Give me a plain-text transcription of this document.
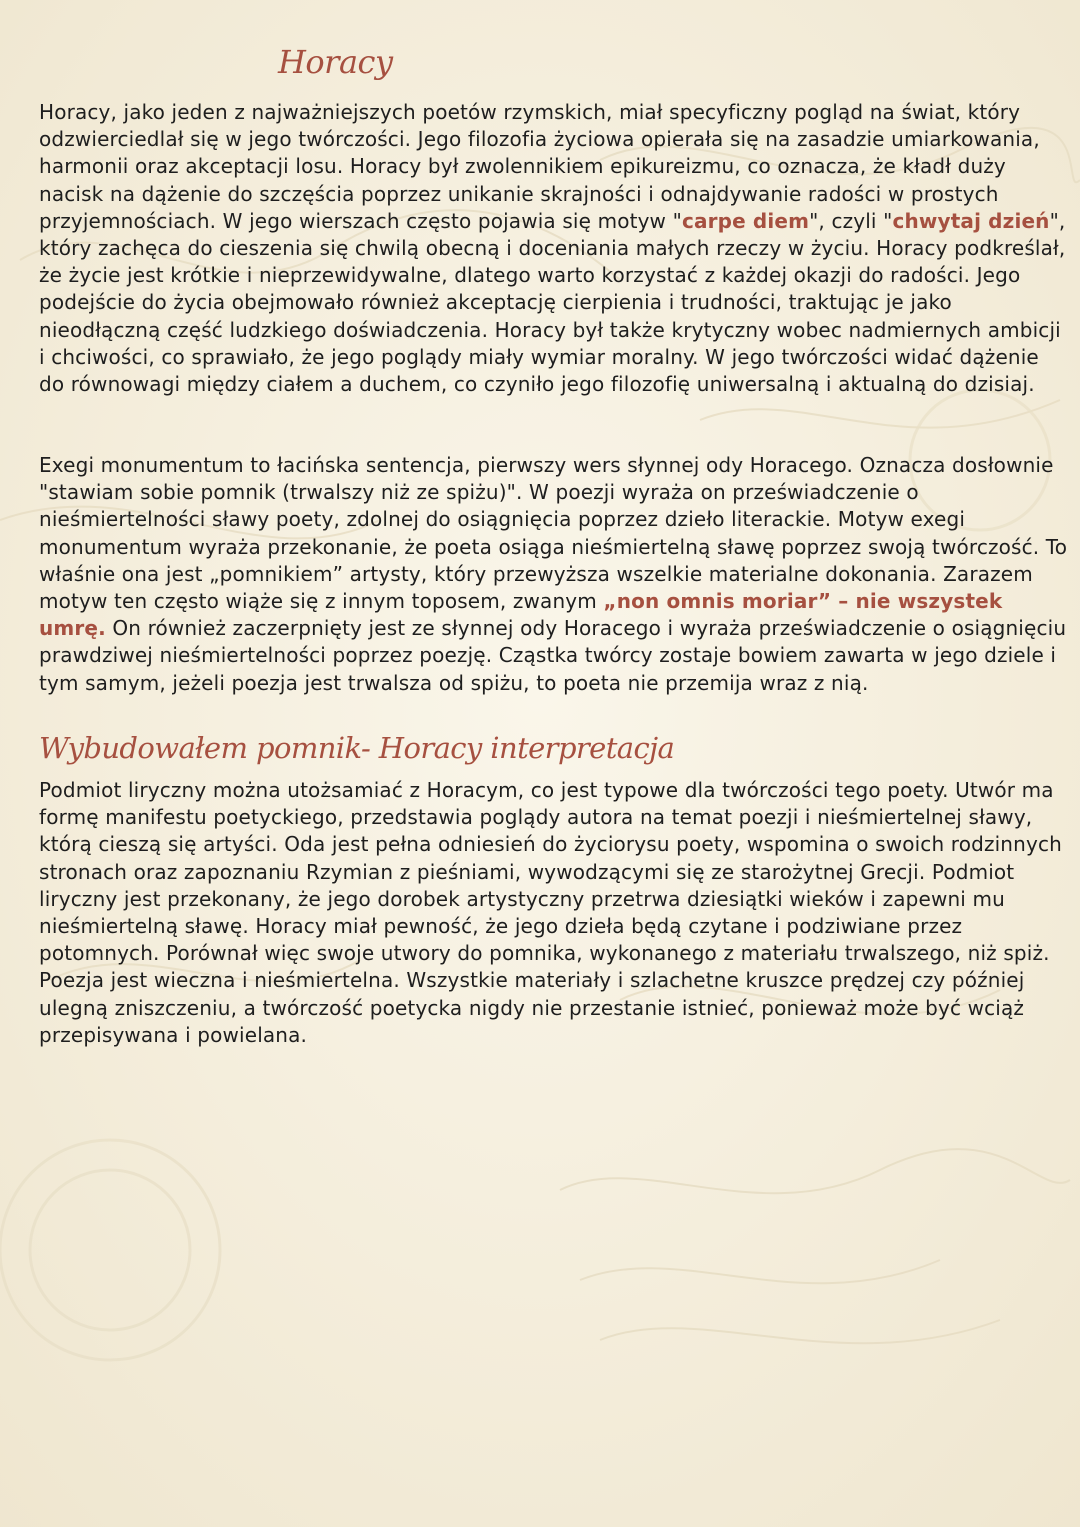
Horacy

Horacy, jako jeden z najważniejszych poetów rzymskich, miał specyficzny pogląd na świat, który odzwierciedlał się w jego twórczości. Jego filozofia życiowa opierała się na zasadzie umiarkowania, harmonii oraz akceptacji losu. Horacy był zwolennikiem epikureizmu, co oznacza, że kładł duży nacisk na dążenie do szczęścia poprzez unikanie skrajności i odnajdywanie radości w prostych przyjemnościach. W jego wierszach często pojawia się motyw "carpe diem", czyli "chwytaj dzień", który zachęca do cieszenia się chwilą obecną i doceniania małych rzeczy w życiu. Horacy podkreślał, że życie jest krótkie i nieprzewidywalne, dlatego warto korzystać z każdej okazji do radości. Jego podejście do życia obejmowało również akceptację cierpienia i trudności, traktując je jako nieodłączną część ludzkiego doświadczenia. Horacy był także krytyczny wobec nadmiernych ambicji i chciwości, co sprawiało, że jego poglądy miały wymiar moralny. W jego twórczości widać dążenie do równowagi między ciałem a duchem, co czyniło jego filozofię uniwersalną i aktualną do dzisiaj.

Exegi monumentum to łacińska sentencja, pierwszy wers słynnej ody Horacego. Oznacza dosłownie "stawiam sobie pomnik (trwalszy niż ze spiżu)". W poezji wyraża on przeświadczenie o nieśmiertelności sławy poety, zdolnej do osiągnięcia poprzez dzieło literackie. Motyw exegi monumentum wyraża przekonanie, że poeta osiąga nieśmiertelną sławę poprzez swoją twórczość. To właśnie ona jest „pomnikiem” artysty, który przewyższa wszelkie materialne dokonania. Zarazem motyw ten często wiąże się z innym toposem, zwanym „non omnis moriar” – nie wszystek umrę. On również zaczerpnięty jest ze słynnej ody Horacego i wyraża przeświadczenie o osiągnięciu prawdziwej nieśmiertelności poprzez poezję. Cząstka twórcy zostaje bowiem zawarta w jego dziele i tym samym, jeżeli poezja jest trwalsza od spiżu, to poeta nie przemija wraz z nią.

Wybudowałem pomnik- Horacy interpretacja

Podmiot liryczny można utożsamiać z Horacym, co jest typowe dla twórczości tego poety. Utwór ma formę manifestu poetyckiego, przedstawia poglądy autora na temat poezji i nieśmiertelnej sławy, którą cieszą się artyści. Oda jest pełna odniesień do życiorysu poety, wspomina o swoich rodzinnych stronach oraz zapoznaniu Rzymian z pieśniami, wywodzącymi się ze starożytnej Grecji. Podmiot liryczny jest przekonany, że jego dorobek artystyczny przetrwa dziesiątki wieków i zapewni mu nieśmiertelną sławę. Horacy miał pewność, że jego dzieła będą czytane i podziwiane przez potomnych. Porównał więc swoje utwory do pomnika, wykonanego z materiału trwalszego, niż spiż. Poezja jest wieczna i nieśmiertelna. Wszystkie materiały i szlachetne kruszce prędzej czy później ulegną zniszczeniu, a twórczość poetycka nigdy nie przestanie istnieć, ponieważ może być wciąż przepisywana i powielana.
